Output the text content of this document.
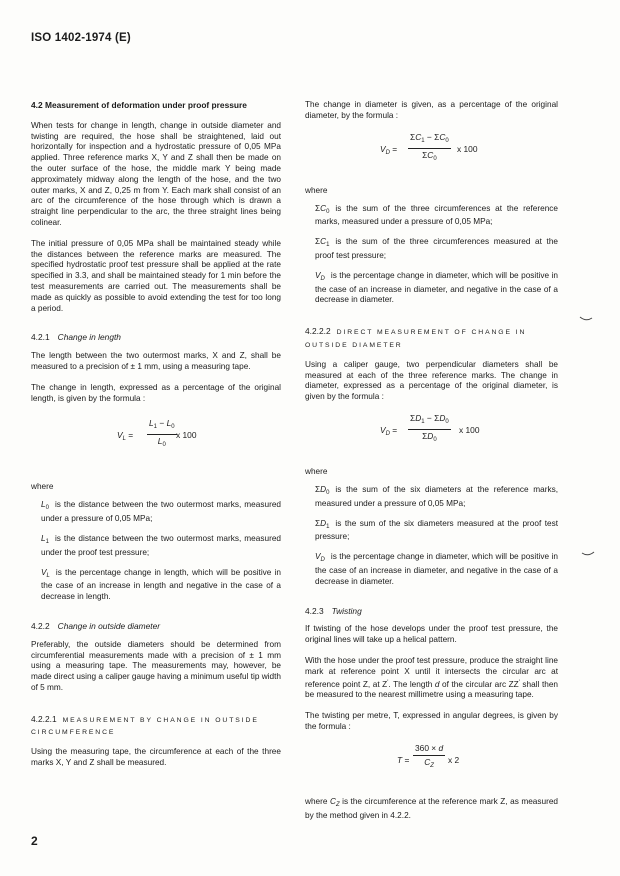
ISO 1402-1974 (E)
4.2 Measurement of deformation under proof pressure

When tests for change in length, change in outside diameter and twisting are required, the hose shall be straightened, laid out horizontally for inspection and a hydrostatic pressure of 0,05 MPa applied. Three reference marks X, Y and Z shall then be made on the outer surface of the hose, the middle mark Y being made approximately midway along the length of the hose, and the two outer marks, X and Z, 0,25 m from Y. Each mark shall consist of an arc of the circumference of the hose through which is drawn a straight line perpendicular to the arc, the three straight lines being colinear.

The initial pressure of 0,05 MPa shall be maintained steady while the distances between the reference marks are measured. The specified hydrostatic proof test pressure shall be applied at the rate specified in 3.3, and shall be maintained steady for 1 min before the test measurements are carried out. The measurements shall be made as quickly as possible to avoid extending the test for too long a period.

4.2.1 Change in length

The length between the two outermost marks, X and Z, shall be measured to a precision of ± 1 mm, using a measuring tape.

The change in length, expressed as a percentage of the original length, is given by the formula :

$V_L = \frac{L_1 - L_0}{L_0}$ x 100
where
$L_0$ is the distance between the two outermost marks, measured under a pressure of 0,05 MPa;
$L_1$ is the distance between the two outermost marks, measured under the proof test pressure;
$V_L$ is the percentage change in length, which will be positive in the case of an increase in length and negative in the case of a decrease in length.
4.2.2 Change in outside diameter

Preferably, the outside diameters should be determined from circumferential measurements made with a precision of ± 1 mm using a measuring tape. The measurements may, however, be made direct using a caliper gauge having a minimum useful tip width of 5 mm.

4.2.2.1 MEASUREMENT BY CHANGE IN OUTSIDE CIRCUMFERENCE

Using the measuring tape, the circumference at each of the three marks X, Y and Z shall be measured.

The change in diameter is given, as a percentage of the original diameter, by the formula :

$V_D = \frac{\Sigma C_1 - \Sigma C_0}{\Sigma C_0}$ x 100
where
$\Sigma C_0$ is the sum of the three circumferences at the reference marks, measured under a pressure of 0,05 MPa;
$\Sigma C_1$ is the sum of the three circumferences measured at the proof test pressure;
$V_D$ is the percentage change in diameter, which will be positive in the case of an increase in diameter, and negative in the case of a decrease in diameter.
4.2.2.2 DIRECT MEASUREMENT OF CHANGE IN OUTSIDE DIAMETER

Using a caliper gauge, two perpendicular diameters shall be measured at each of the three reference marks. The change in diameter, expressed as a percentage of the original diameter, is given by the formula :

$V_D = \frac{\Sigma D_1 - \Sigma D_0}{\Sigma D_0}$ x 100
where
$\Sigma D_0$ is the sum of the six diameters at the reference marks, measured under a pressure of 0,05 MPa;
$\Sigma D_1$ is the sum of the six diameters measured at the proof test pressure;
$V_D$ is the percentage change in diameter, which will be positive in the case of an increase in diameter, and negative in the case of a decrease in diameter.
4.2.3 Twisting

If twisting of the hose develops under the proof test pressure, the original lines will take up a helical pattern.

With the hose under the proof test pressure, produce the straight line mark at reference point X until it intersects the circular arc at reference point Z, at Z'. The length d of the circular arc ZZ' shall then be measured to the nearest millimetre using a measuring tape.

The twisting per metre, T, expressed in angular degrees, is given by the formula :

$T = \frac{360 \times d}{C_Z}$ x 2

where $C_Z$ is the circumference at the reference mark Z, as measured by the method given in 4.2.2.

2
